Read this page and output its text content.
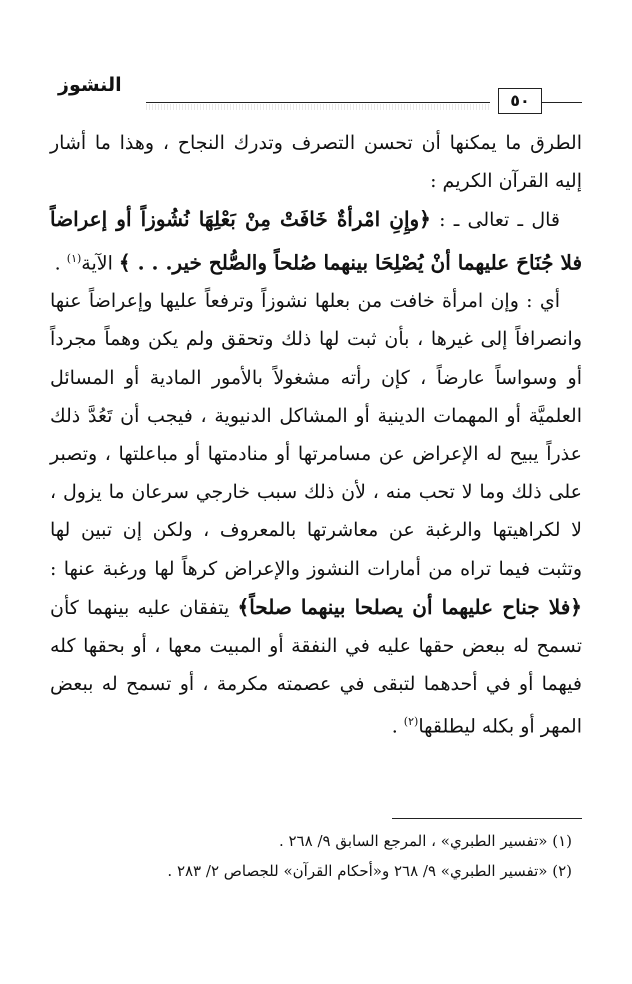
النشوز
٥٠

الطرق ما يمكنها أن تحسن التصرف وتدرك النجاح ، وهذا ما أشار إليه القرآن الكريم :

قال ـ تعالى ـ : ﴿وإِنِ امْرأةٌ خَافَتْ مِنْ بَعْلِهَا نُشُوزاً أو إعراضاً فلا جُنَاحَ عليهما أنْ يُصْلِحَا بينهما صُلحاً والصُّلح خير. . . ﴾ الآية$^{(١)}$ .

أي : وإن امرأة خافت من بعلها نشوزاً وترفعاً عليها وإعراضاً عنها وانصرافاً إلى غيرها ، بأن ثبت لها ذلك وتحقق ولم يكن وهماً مجرداً أو وسواساً عارضاً ، كإن رأته مشغولاً بالأمور المادية أو المسائل العلميَّة أو المهمات الدينية أو المشاكل الدنيوية ، فيجب أن تَعُدَّ ذلك عذراً يبيح له الإعراض عن مسامرتها أو منادمتها أو مباعلتها ، وتصبر على ذلك وما لا تحب منه ، لأن ذلك سبب خارجي سرعان ما يزول ، لا لكراهيتها والرغبة عن معاشرتها بالمعروف ، ولكن إن تبين لها وتثبت فيما تراه من أمارات النشوز والإعراض كرهاً لها ورغبة عنها : ﴿فلا جناح عليهما أن يصلحا بينهما صلحاً﴾ يتفقان عليه بينهما كأن تسمح له ببعض حقها عليه في النفقة أو المبيت معها ، أو بحقها كله فيهما أو في أحدهما لتبقى في عصمته مكرمة ، أو تسمح له ببعض المهر أو بكله ليطلقها$^{(٢)}$ .

(١) «تفسير الطبري» ، المرجع السابق ٩/ ٢٦٨ .

(٢) «تفسير الطبري» ٩/ ٢٦٨ و«أحكام القرآن» للجصاص ٢/ ٢٨٣ .
